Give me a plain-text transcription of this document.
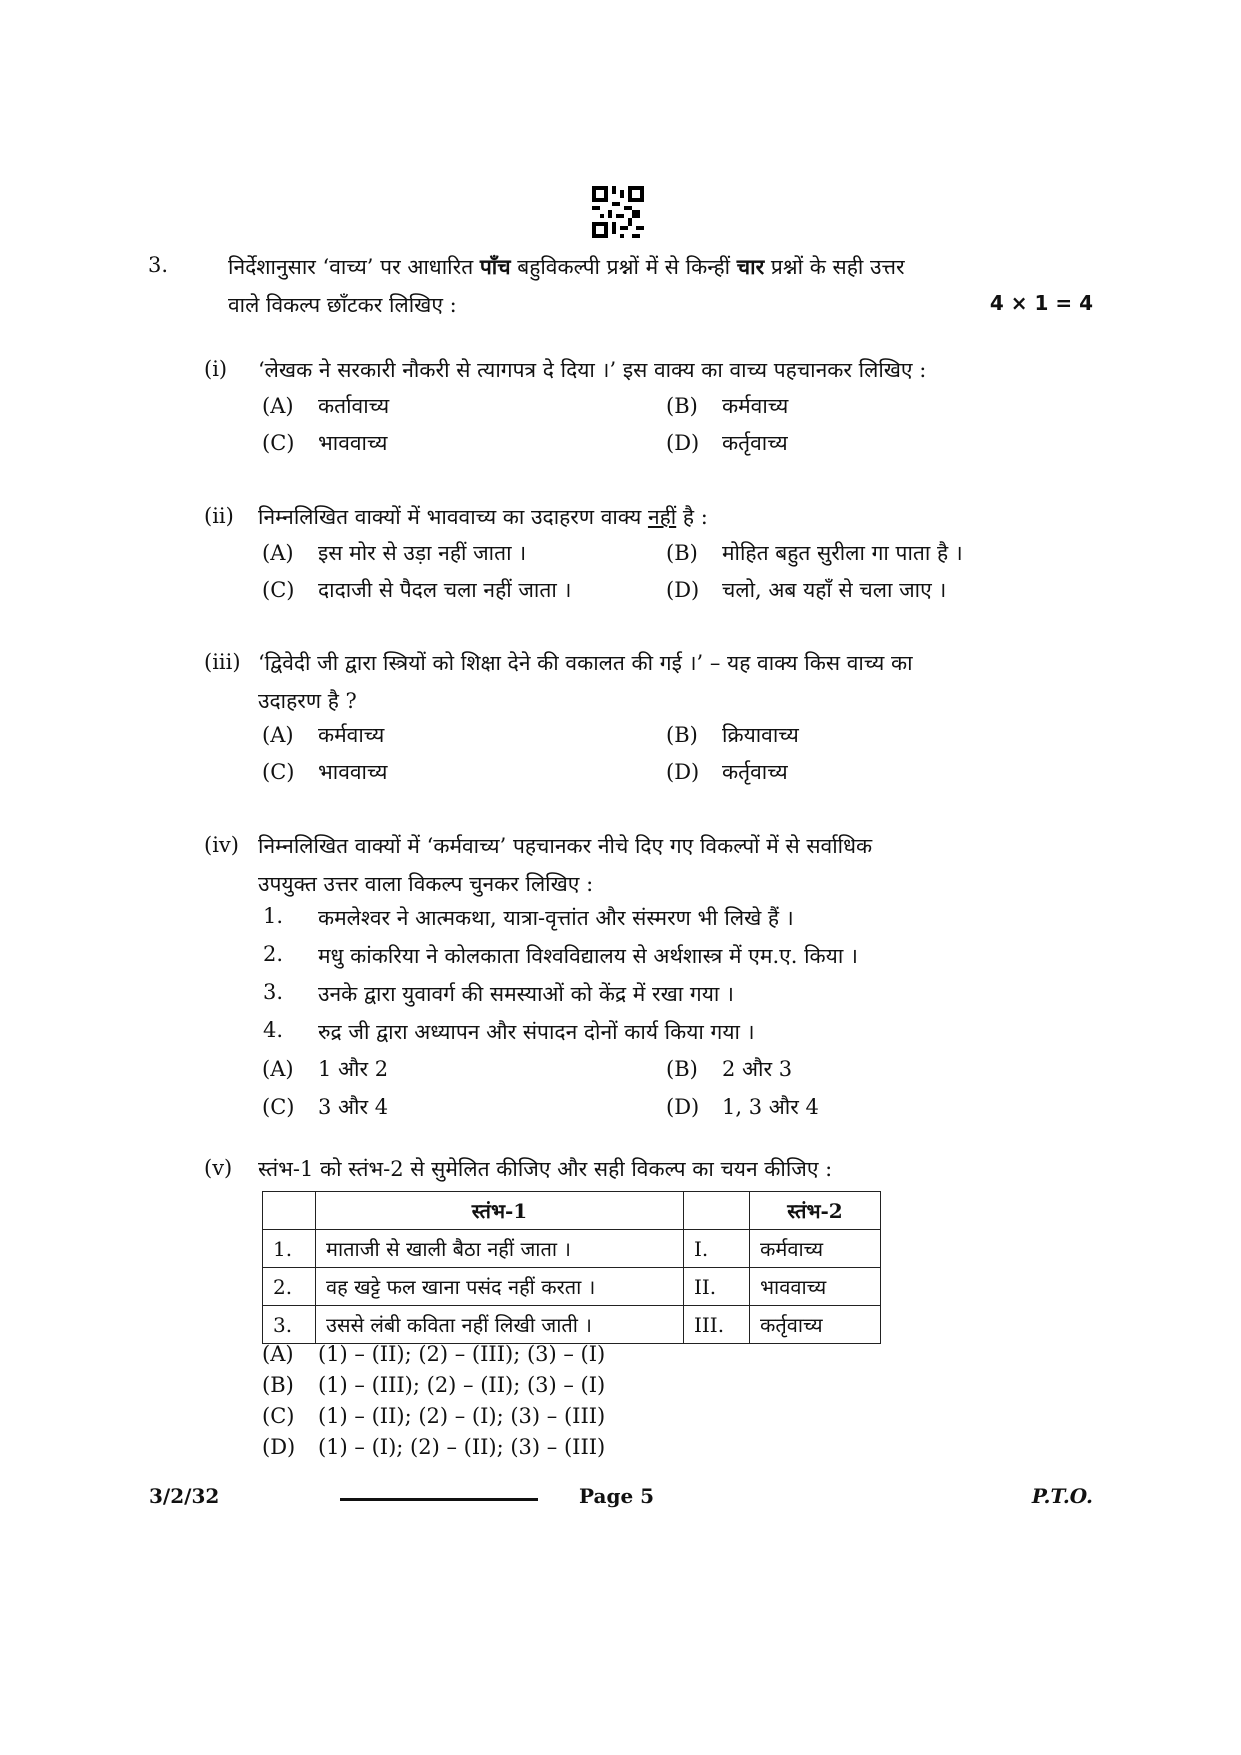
3.	निर्देशानुसार ‘वाच्य’ पर आधारित पाँच बहुविकल्पी प्रश्नों में से किन्हीं चार प्रश्नों के सही उत्तर
वाले विकल्प छाँटकर लिखिए :	4 × 1 = 4
(i) ‘लेखक ने सरकारी नौकरी से त्यागपत्र दे दिया ।’ इस वाक्य का वाच्य पहचानकर लिखिए :
(A) कर्तावाच्य	(B) कर्मवाच्य
(C) भाववाच्य	(D) कर्तृवाच्य
(ii) निम्नलिखित वाक्यों में भाववाच्य का उदाहरण वाक्य नहीं है :
(A) इस मोर से उड़ा नहीं जाता ।	(B) मोहित बहुत सुरीला गा पाता है ।
(C) दादाजी से पैदल चला नहीं जाता ।	(D) चलो, अब यहाँ से चला जाए ।
(iii) ‘द्विवेदी जी द्वारा स्त्रियों को शिक्षा देने की वकालत की गई ।’ – यह वाक्य किस वाच्य का
उदाहरण है ?
(A) कर्मवाच्य	(B) क्रियावाच्य
(C) भाववाच्य	(D) कर्तृवाच्य
(iv) निम्नलिखित वाक्यों में ‘कर्मवाच्य’ पहचानकर नीचे दिए गए विकल्पों में से सर्वाधिक
उपयुक्त उत्तर वाला विकल्प चुनकर लिखिए :
1. कमलेश्वर ने आत्मकथा, यात्रा-वृत्तांत और संस्मरण भी लिखे हैं ।
2. मधु कांकरिया ने कोलकाता विश्वविद्यालय से अर्थशास्त्र में एम.ए. किया ।
3. उनके द्वारा युवावर्ग की समस्याओं को केंद्र में रखा गया ।
4. रुद्र जी द्वारा अध्यापन और संपादन दोनों कार्य किया गया ।
(A) 1 और 2	(B) 2 और 3
(C) 3 और 4	(D) 1, 3 और 4
(v) स्तंभ-1 को स्तंभ-2 से सुमेलित कीजिए और सही विकल्प का चयन कीजिए :
	स्तंभ-1		स्तंभ-2
1.	माताजी से खाली बैठा नहीं जाता ।	I.	कर्मवाच्य
2.	वह खट्टे फल खाना पसंद नहीं करता ।	II.	भाववाच्य
3.	उससे लंबी कविता नहीं लिखी जाती ।	III.	कर्तृवाच्य
(A) (1) – (II); (2) – (III); (3) – (I)
(B) (1) – (III); (2) – (II); (3) – (I)
(C) (1) – (II); (2) – (I); (3) – (III)
(D) (1) – (I); (2) – (II); (3) – (III)
3/2/32	Page 5	P.T.O.
